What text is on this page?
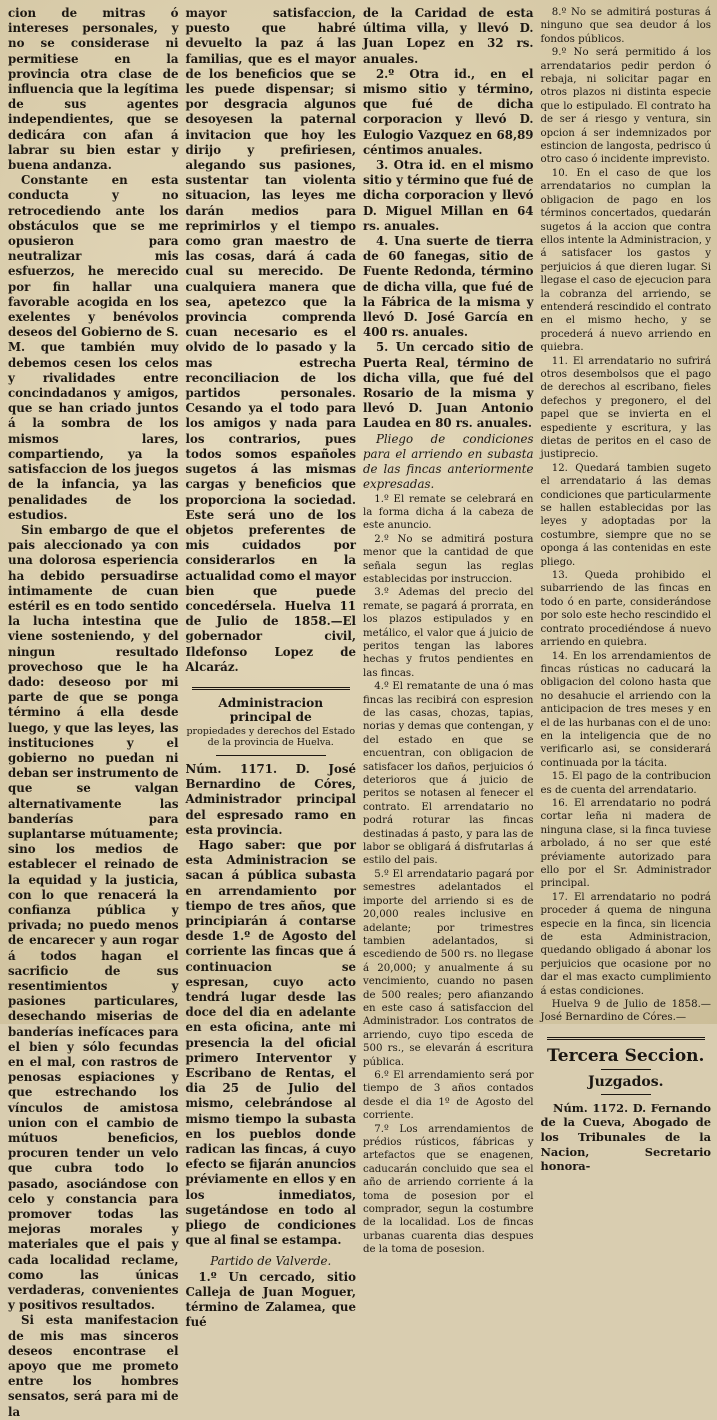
cion de mitras ó intereses personales, y no se considerase ni permitiese en la provincia otra clase de influencia que la legítima de sus agentes independientes, que se dedicára con afan á labrar su bien estar y buena andanza.

Constante en esta conducta y no retrocediendo ante los obstáculos que se me opusieron para neutralizar mis esfuerzos, he merecido por fin hallar una favorable acogida en los exelentes y benévolos deseos del Gobierno de S. M. que también muy debemos cesen los celos y rivalidades entre concindadanos y amigos, que se han criado juntos á la sombra de los mismos lares, compartiendo, ya la satisfaccion de los juegos de la infancia, ya las penalidades de los estudios.

Sin embargo de que el pais aleccionado ya con una dolorosa esperiencia ha debido persuadirse intimamente de cuan estéril es en todo sentido la lucha intestina que viene sosteniendo, y del ningun resultado provechoso que le ha dado: deseoso por mi parte de que se ponga término á ella desde luego, y que las leyes, las instituciones y el gobierno no puedan ni deban ser instrumento de que se valgan alternativamente las banderías para suplantarse mútuamente; sino los medios de establecer el reinado de la equidad y la justicia, con lo que renacerá la confianza pública y privada; no puedo menos de encarecer y aun rogar á todos hagan el sacrificio de sus resentimientos y pasiones particulares, desechando miserias de banderías inefícaces para el bien y sólo fecundas en el mal, con rastros de penosas espiaciones y que estrechando los vínculos de amistosa union con el cambio de mútuos beneficios, procuren tender un velo que cubra todo lo pasado, asociándose con celo y constancia para promover todas las mejoras morales y materiales que el pais y cada localidad reclame, como las únicas verdaderas, convenientes y positivos resultados.

Si esta manifestacion de mis mas sinceros deseos encontrase el apoyo que me prometo entre los hombres sensatos, será para mi de la

mayor satisfaccion, puesto que habré devuelto la paz á las familias, que es el mayor de los beneficios que se les puede dispensar; si por desgracia algunos desoyesen la paternal invitacion que hoy les dirijo y prefiriesen, alegando sus pasiones, sustentar tan violenta situacion, las leyes me darán medios para reprimirlos y el tiempo como gran maestro de las cosas, dará á cada cual su merecido. De cualquiera manera que sea, apetezco que la provincia comprenda cuan necesario es el olvido de lo pasado y la mas estrecha reconciliacion de los partidos personales. Cesando ya el todo para los amigos y nada para los contrarios, pues todos somos españoles sugetos á las mismas cargas y beneficios que proporciona la sociedad. Este será uno de los objetos preferentes de mis cuidados por considerarlos en la actualidad como el mayor bien que puede concedérsela. Huelva 11 de Julio de 1858.—El gobernador civil, Ildefonso Lopez de Alcaráz.

Administracion principal de
propiedades y derechos del Estado de la provincia de Huelva.

Núm. 1171. D. José Bernardino de Córes, Administrador principal del espresado ramo en esta provincia.

Hago saber: que por esta Administracion se sacan á pública subasta en arrendamiento por tiempo de tres años, que principiarán á contarse desde 1.º de Agosto del corriente las fincas que á continuacion se espresan, cuyo acto tendrá lugar desde las doce del dia en adelante en esta oficina, ante mi presencia la del oficial primero Interventor y Escribano de Rentas, el dia 25 de Julio del mismo, celebrándose al mismo tiempo la subasta en los pueblos donde radican las fincas, á cuyo efecto se fijarán anuncios préviamente en ellos y en los inmediatos, sugetándose en todo al pliego de condiciones que al final se estampa.

Partido de Valverde.

1.º Un cercado, sitio Calleja de Juan Moguer, término de Zalamea, que fué

de la Caridad de esta última villa, y llevó D. Juan Lopez en 32 rs. anuales.

2.º Otra id., en el mismo sitio y término, que fué de dicha corporacion y llevó D. Eulogio Vazquez en 68,89 céntimos anuales.

3. Otra id. en el mismo sitio y término que fué de dicha corporacion y llevó D. Miguel Millan en 64 rs. anuales.

4. Una suerte de tierra de 60 fanegas, sitio de Fuente Redonda, término de dicha villa, que fué de la Fábrica de la misma y llevó D. José García en 400 rs. anuales.

5. Un cercado sitio de Puerta Real, término de dicha villa, que fué del Rosario de la misma y llevó D. Juan Antonio Laudea en 80 rs. anuales.

Pliego de condiciones para el arriendo en subasta de las fincas anteriormente expresadas.

1.º El remate se celebrará en la forma dicha á la cabeza de este anuncio.

2.º No se admitirá postura menor que la cantidad de que señala segun las reglas establecidas por instruccion.

3.º Ademas del precio del remate, se pagará á prorrata, en los plazos estipulados y en metálico, el valor que á juicio de peritos tengan las labores hechas y frutos pendientes en las fincas.

4.º El rematante de una ó mas fincas las recibirá con espresion de las casas, chozas, tapias, norias y demas que contengan, y del estado en que se encuentran, con obligacion de satisfacer los daños, perjuicios ó deterioros que á juicio de peritos se notasen al fenecer el contrato. El arrendatario no podrá roturar las fincas destinadas á pasto, y para las de labor se obligará á disfrutarlas á estilo del pais.

5.º El arrendatario pagará por semestres adelantados el importe del arriendo si es de 20,000 reales inclusive en adelante; por trimestres tambien adelantados, si escediendo de 500 rs. no llegase á 20,000; y anualmente á su vencimiento, cuando no pasen de 500 reales; pero afianzando en este caso á satisfaccion del Administrador. Los contratos de arriendo, cuyo tipo esceda de 500 rs., se elevarán á escritura pública.

6.º El arrendamiento será por tiempo de 3 años contados desde el dia 1º de Agosto del corriente.

7.º Los arrendamientos de prédios rústicos, fábricas y artefactos que se enagenen, caducarán concluido que sea el año de arriendo corriente á la toma de posesion por el comprador, segun la costumbre de la localidad. Los de fincas urbanas cuarenta dias despues de la toma de posesion.

8.º No se admitirá posturas á ninguno que sea deudor á los fondos públicos.

9.º No será permitido á los arrendatarios pedir perdon ó rebaja, ni solicitar pagar en otros plazos ni distinta especie que lo estipulado. El contrato ha de ser á riesgo y ventura, sin opcion á ser indemnizados por estincion de langosta, pedrisco ú otro caso ó incidente imprevisto.

10. En el caso de que los arrendatarios no cumplan la obligacion de pago en los términos concertados, quedarán sugetos á la accion que contra ellos intente la Administracion, y á satisfacer los gastos y perjuicios á que dieren lugar. Si llegase el caso de ejecucion para la cobranza del arriendo, se entenderá rescindido el contrato en el mismo hecho, y se procederá á nuevo arriendo en quiebra.

11. El arrendatario no sufrirá otros desembolsos que el pago de derechos al escribano, fieles defechos y pregonero, el del papel que se invierta en el espediente y escritura, y las dietas de peritos en el caso de justiprecio.

12. Quedará tambien sugeto el arrendatario á las demas condiciones que particularmente se hallen establecidas por las leyes y adoptadas por la costumbre, siempre que no se oponga á las contenidas en este pliego.

13. Queda prohibido el subarriendo de las fincas en todo ó en parte, considerándose por solo este hecho rescindido el contrato procediéndose á nuevo arriendo en quiebra.

14. En los arrendamientos de fincas rústicas no caducará la obligacion del colono hasta que no desahucie el arriendo con la anticipacion de tres meses y en el de las hurbanas con el de uno: en la inteligencia que de no verificarlo asi, se considerará continuada por la tácita.

15. El pago de la contribucion es de cuenta del arrendatario.

16. El arrendatario no podrá cortar leña ni madera de ninguna clase, si la finca tuviese arbolado, á no ser que esté préviamente autorizado para ello por el Sr. Administrador principal.

17. El arrendatario no podrá proceder á quema de ninguna especie en la finca, sin licencia de esta Administracion, quedando obligado á abonar los perjuicios que ocasione por no dar el mas exacto cumplimiento á estas condiciones.

Huelva 9 de Julio de 1858.—José Bernardino de Córes.—

Tercera Seccion.
Juzgados.

Núm. 1172. D. Fernando de la Cueva, Abogado de los Tribunales de la Nacion, Secretario honora-
